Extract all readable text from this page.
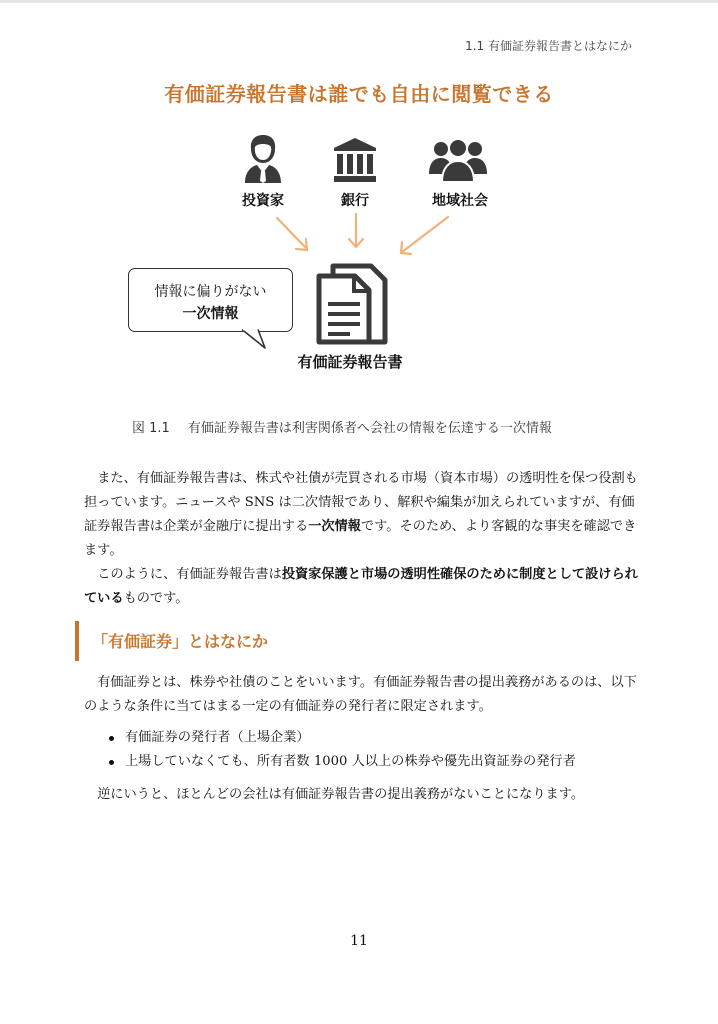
1.1 有価証券報告書とはなにか
有価証券報告書は誰でも自由に閲覧できる
投資家	銀行	地域社会
情報に偏りがない
一次情報
有価証券報告書
図 1.1 有価証券報告書は利害関係者へ会社の情報を伝達する一次情報

また、有価証券報告書は、株式や社債が売買される市場（資本市場）の透明性を保つ役割も担っています。ニュースや SNS は二次情報であり、解釈や編集が加えられていますが、有価証券報告書は企業が金融庁に提出する一次情報です。そのため、より客観的な事実を確認できます。

このように、有価証券報告書は投資家保護と市場の透明性確保のために制度として設けられているものです。

「有価証券」とはなにか

有価証券とは、株券や社債のことをいいます。有価証券報告書の提出義務があるのは、以下のような条件に当てはまる一定の有価証券の発行者に限定されます。

有価証券の発行者（上場企業）
上場していなくても、所有者数 1000 人以上の株券や優先出資証券の発行者

逆にいうと、ほとんどの会社は有価証券報告書の提出義務がないことになります。

11
